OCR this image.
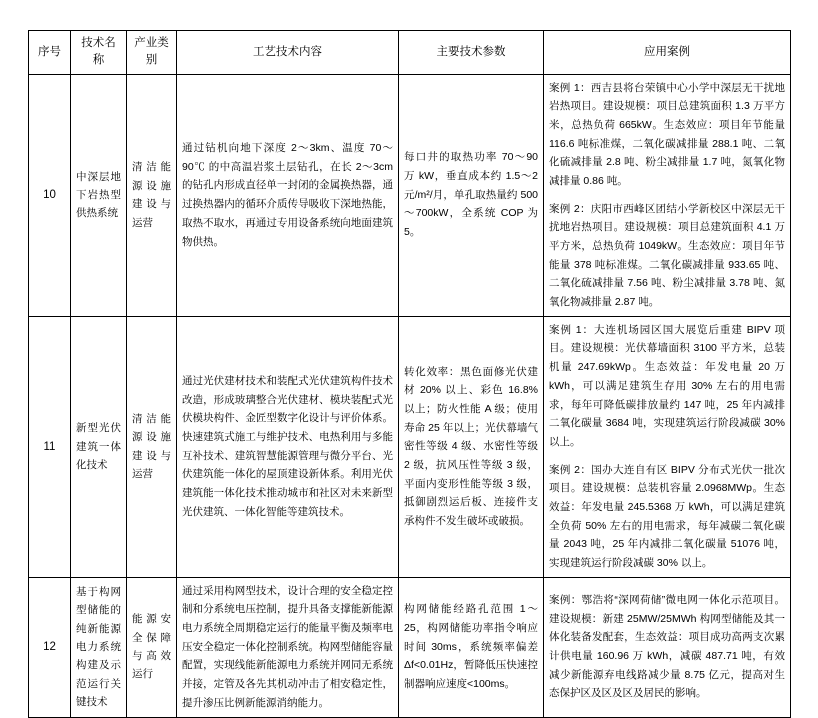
序号	技术名称	产业类别	工艺技术内容	主要技术参数	应用案例
10	中深层地下岩热型供热系统	清洁能源设施建设与运营	通过钻机向地下深度 2～3km、温度 70～90℃ 的中高温岩浆土层钻孔，在长 2～3cm 的钻孔内形成直径单一封闭的金属换热器，通过换热器内的循环介质传导吸收下深地热能，取热不取水，再通过专用设备系统向地面建筑物供热。	每口井的取热功率 70～90 万 kW，垂直成本约 1.5～2 元/m²/月，单孔取热量约 500～700kW，全系统 COP 为 5。	案例 1：西吉县将台荣镇中心小学中深层无干扰地岩热项目。建设规模：项目总建筑面积 1.3 万平方米，总热负荷 665kW。生态效应：项目年节能量 116.6 吨标准煤，二氧化碳减排量 288.1 吨、二氧化硫减排量 2.8 吨、粉尘减排量 1.7 吨，氮氧化物减排量 0.86 吨。

案例 2：庆阳市西峰区团结小学新校区中深层无干扰地岩热项目。建设规模：项目总建筑面积 4.1 万平方米，总热负荷 1049kW。生态效应：项目年节能量 378 吨标准煤。二氧化碳减排量 933.65 吨、二氧化硫减排量 7.56 吨、粉尘减排量 3.78 吨、氮氧化物减排量 2.87 吨。

11	新型光伏建筑一体化技术	清洁能源设施建设与运营	通过光伏建材技术和装配式光伏建筑构件技术改造，形成玻璃整合光伏建材、模块装配式光伏模块构件、金匠型数字化设计与评价体系。快速建筑式施工与维护技术、电热利用与多能互补技术、建筑智慧能源管理与微分平台、光伏建筑能一体化的屋顶建设新体系。利用光伏建筑能一体化技术推动城市和社区对未来新型光伏建筑、一体化智能等建筑技术。	转化效率：黑色面修光伏建材 20% 以上、彩色 16.8% 以上；防火性能 A 级；使用寿命 25 年以上；光伏幕墙气密性等级 4 级、水密性等级 2 级，抗风压性等级 3 级，平面内变形性能等级 3 级，抵御剧烈运后板、连接件支承构件不发生破坏或破损。	案例 1：大连机场园区国大展览后重建 BIPV 项目。建设规模：光伏幕墙面积 3100 平方米，总装机量 247.69kWp。生态效益：年发电量 20 万 kWh，可以满足建筑生存用 30% 左右的用电需求，每年可降低碳排放量约 147 吨，25 年内减排二氧化碳量 3684 吨，实现建筑运行阶段减碳 30% 以上。

案例 2：国办大连自有区 BIPV 分布式光伏一批次项目。建设规模：总装机容量 2.0968MWp。生态效益：年发电量 245.5368 万 kWh，可以满足建筑全负荷 50% 左右的用电需求，每年减碳二氧化碳量 2043 吨，25 年内减排二氧化碳量 51076 吨，实现建筑运行阶段减碳 30% 以上。

12	基于构网型储能的纯新能源电力系统构建及示范运行关键技术	能源安全保障与高效运行	通过采用构网型技术，设计合理的安全稳定控制和分系统电压控制，提升具备支撑能新能源电力系统全周期稳定运行的能量平衡及频率电压安全稳定一体化控制系统。构网型储能容量配置，实现线能新能源电力系统并网同无系统并接，定管及各先其机动冲击了相安稳定性，提升渗压比例新能源消纳能力。	构网储能经路孔范围 1～25，构网储能功率指令响应时间 30ms，系统频率偏差 Δf<0.01Hz，暂降低压快速控制器响应速度<100ms。	案例：鄂浩将“深网荷储”微电网一体化示范项目。建设规模：新建 25MW/25MWh 构网型储能及其一体化装备发配套，生态效益：项目成功高两支次累计供电量 160.96 万 kWh，减碳 487.71 吨，有效减少新能源弃电线路减少量 8.75 亿元，提高对生态保护区及区及区及居民的影响。
